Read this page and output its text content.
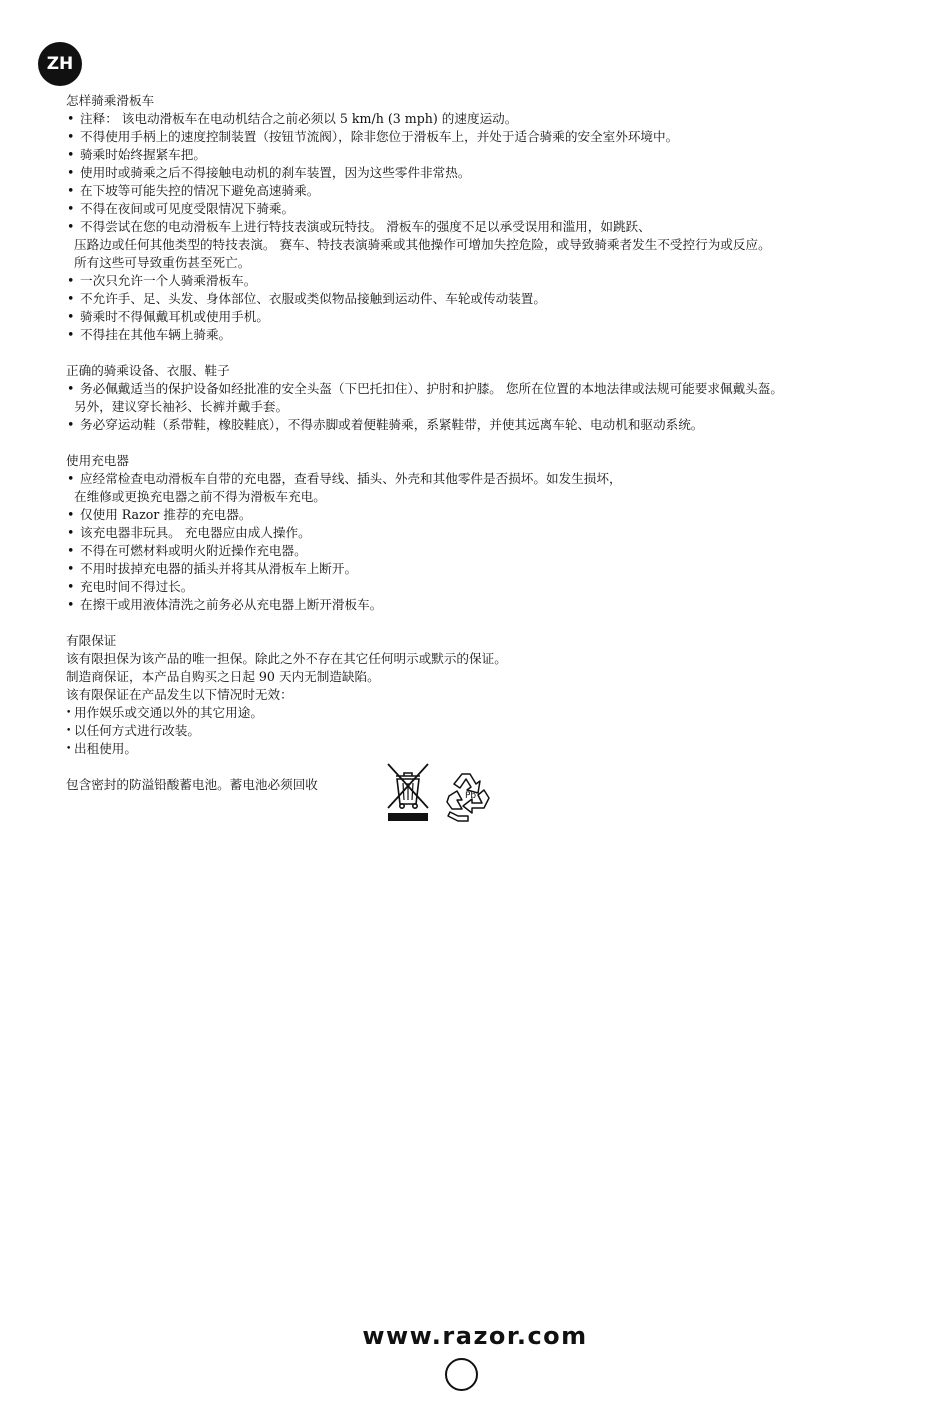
ZH
怎样骑乘滑板车
• 注释： 该电动滑板车在电动机结合之前必须以 5 km/h (3 mph) 的速度运动。
• 不得使用手柄上的速度控制装置（按钮节流阀），除非您位于滑板车上，并处于适合骑乘的安全室外环境中。
• 骑乘时始终握紧车把。
• 使用时或骑乘之后不得接触电动机的刹车装置，因为这些零件非常热。
• 在下坡等可能失控的情况下避免高速骑乘。
• 不得在夜间或可见度受限情况下骑乘。
• 不得尝试在您的电动滑板车上进行特技表演或玩特技。 滑板车的强度不足以承受误用和滥用，如跳跃、
压路边或任何其他类型的特技表演。 赛车、特技表演骑乘或其他操作可增加失控危险，或导致骑乘者发生不受控行为或反应。
所有这些可导致重伤甚至死亡。
• 一次只允许一个人骑乘滑板车。
• 不允许手、足、头发、身体部位、衣服或类似物品接触到运动件、车轮或传动装置。
• 骑乘时不得佩戴耳机或使用手机。
• 不得挂在其他车辆上骑乘。
正确的骑乘设备、衣服、鞋子
• 务必佩戴适当的保护设备如经批准的安全头盔（下巴托扣住）、护肘和护膝。 您所在位置的本地法律或法规可能要求佩戴头盔。
另外，建议穿长袖衫、长裤并戴手套。
• 务必穿运动鞋（系带鞋，橡胶鞋底），不得赤脚或着便鞋骑乘，系紧鞋带，并使其远离车轮、电动机和驱动系统。
使用充电器
• 应经常检查电动滑板车自带的充电器，查看导线、插头、外壳和其他零件是否损坏。如发生损坏，
在维修或更换充电器之前不得为滑板车充电。
• 仅使用 Razor 推荐的充电器。
• 该充电器非玩具。 充电器应由成人操作。
• 不得在可燃材料或明火附近操作充电器。
• 不用时拔掉充电器的插头并将其从滑板车上断开。
• 充电时间不得过长。
• 在擦干或用液体清洗之前务必从充电器上断开滑板车。
有限保证
该有限担保为该产品的唯一担保。除此之外不存在其它任何明示或默示的保证。
制造商保证，本产品自购买之日起 90 天内无制造缺陷。
该有限保证在产品发生以下情况时无效：
• 用作娱乐或交通以外的其它用途。
• 以任何方式进行改装。
• 出租使用。
包含密封的防溢铅酸蓄电池。蓄电池必须回收
Pb
www.razor.com
